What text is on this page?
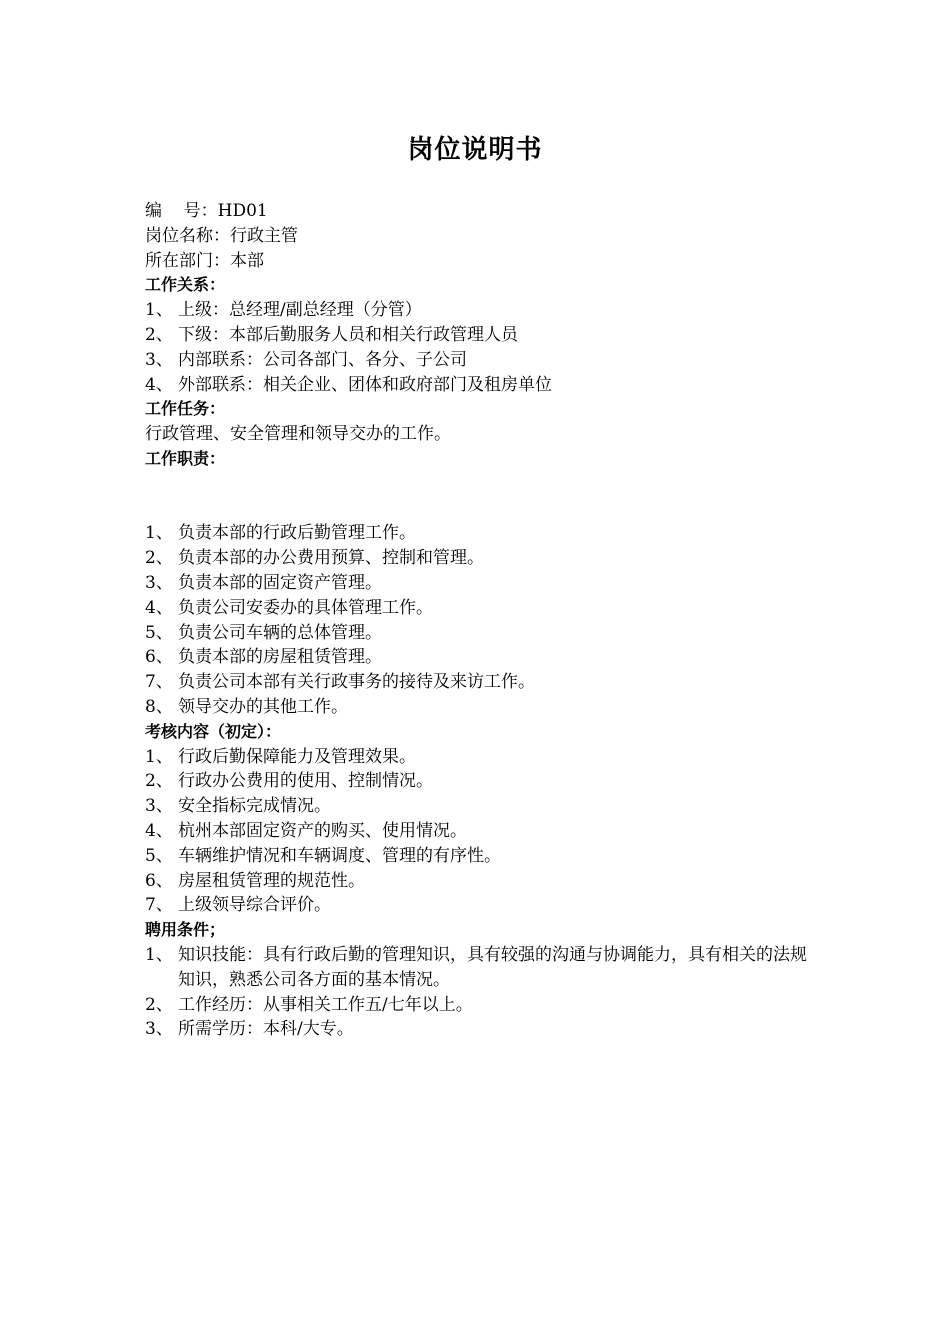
岗位说明书
编    号：HD01
岗位名称：行政主管
所在部门：本部
工作关系：
1、 上级：总经理/副总经理（分管）
2、 下级：本部后勤服务人员和相关行政管理人员
3、 内部联系：公司各部门、各分、子公司
4、 外部联系：相关企业、团体和政府部门及租房单位
工作任务：
行政管理、安全管理和领导交办的工作。
工作职责：
1、 负责本部的行政后勤管理工作。
2、 负责本部的办公费用预算、控制和管理。
3、 负责本部的固定资产管理。
4、 负责公司安委办的具体管理工作。
5、 负责公司车辆的总体管理。
6、 负责本部的房屋租赁管理。
7、 负责公司本部有关行政事务的接待及来访工作。
8、 领导交办的其他工作。
考核内容（初定）：
1、 行政后勤保障能力及管理效果。
2、 行政办公费用的使用、控制情况。
3、 安全指标完成情况。
4、 杭州本部固定资产的购买、使用情况。
5、 车辆维护情况和车辆调度、管理的有序性。
6、 房屋租赁管理的规范性。
7、 上级领导综合评价。
聘用条件；
1、 知识技能：具有行政后勤的管理知识，具有较强的沟通与协调能力，具有相关的法规知识，熟悉公司各方面的基本情况。
2、 工作经历：从事相关工作五/七年以上。
3、 所需学历：本科/大专。
